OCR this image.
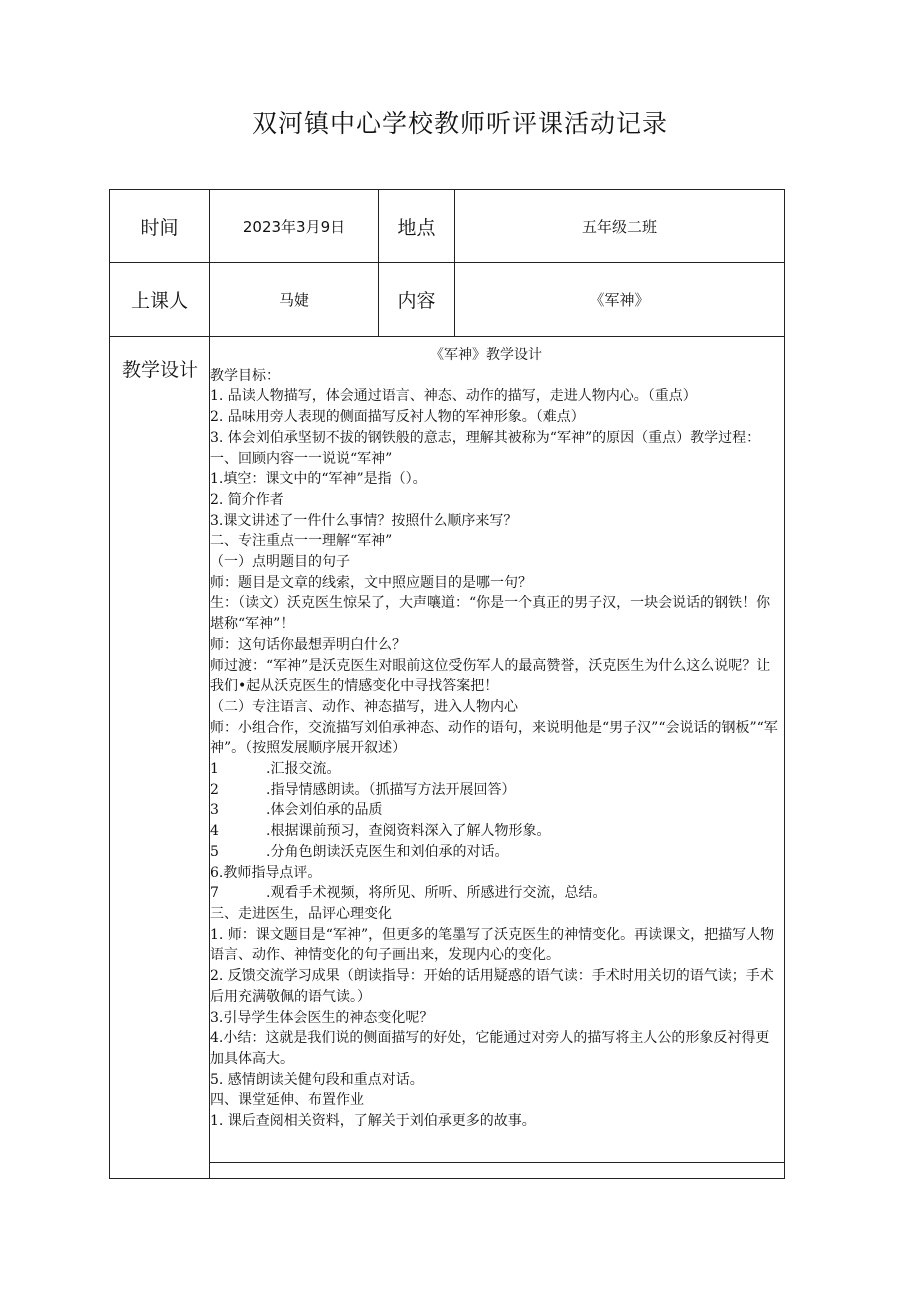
双河镇中心学校教师听评课活动记录
时间	2023年3月9日	地点	五年级二班
上课人	马婕	内容	《军神》
教学设计
《军神》教学设计
教学目标：
1. 品读人物描写，体会通过语言、神态、动作的描写，走进人物内心。（重点）
2. 品味用旁人表现的侧面描写反衬人物的军神形象。（难点）
3. 体会刘伯承坚韧不拔的钢铁般的意志，理解其被称为“军神”的原因（重点）教学过程：
一、回顾内容一一说说“军神”
1.填空：课文中的“军神”是指（）。
2. 简介作者
3.课文讲述了一件什么事情？按照什么顺序来写？
二、专注重点一一理解“军神”
（一）点明题目的句子
师：题目是文章的线索，文中照应题目的是哪一句？
生：（读文）沃克医生惊呆了，大声嚷道：“你是一个真正的男子汉，一块会说话的钢铁！你堪称“军神”！
师：这句话你最想弄明白什么？
师过渡：“军神”是沃克医生对眼前这位受伤军人的最高赞誉，沃克医生为什么这么说呢？让我们•起从沃克医生的情感变化中寻找答案把！
（二）专注语言、动作、神态描写，进入人物内心
师：小组合作，交流描写刘伯承神态、动作的语句，来说明他是“男子汉”“会说话的钢板”“军神”。（按照发展顺序展开叙述）
1	.汇报交流。
2	.指导情感朗读。（抓描写方法开展回答）
3	.体会刘伯承的品质
4	.根据课前预习，查阅资料深入了解人物形象。
5	.分角色朗读沃克医生和刘伯承的对话。
6.教师指导点评。
7	.观看手术视频，将所见、所听、所感进行交流，总结。
三、走进医生，品评心理变化
1. 师：课文题目是“军神”，但更多的笔墨写了沃克医生的神情变化。再读课文，把描写人物语言、动作、神情变化的句子画出来，发现内心的变化。
2. 反馈交流学习成果（朗读指导：开始的话用疑惑的语气读：手术时用关切的语气读；手术后用充满敬佩的语气读。）
3.引导学生体会医生的神态变化呢？
4.小结：这就是我们说的侧面描写的好处，它能通过对旁人的描写将主人公的形象反衬得更加具体高大。
5. 感情朗读关健句段和重点对话。
四、课堂延伸、布置作业
1. 课后查阅相关资料，了解关于刘伯承更多的故事。
